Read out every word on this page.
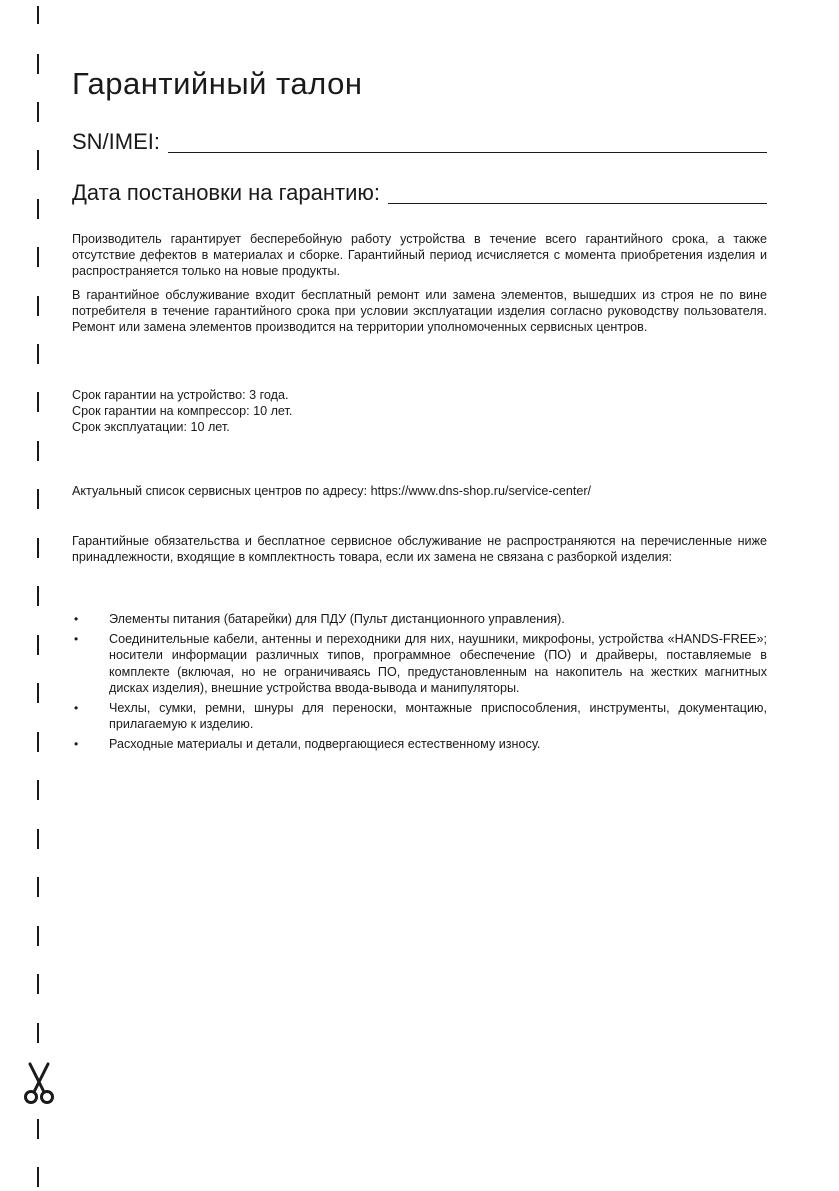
Гарантийный талон
SN/IMEI:
Дата постановки на гарантию:
Производитель гарантирует бесперебойную работу устройства в течение всего гарантийного срока, а также отсутствие дефектов в материалах и сборке. Гарантийный период исчисляется с момента приобретения изделия и распространяется только на новые продукты.
В гарантийное обслуживание входит бесплатный ремонт или замена элементов, вышедших из строя не по вине потребителя в течение гарантийного срока при условии эксплуатации изделия согласно руководству пользователя. Ремонт или замена элементов производится на территории уполномоченных сервисных центров.
Срок гарантии на устройство: 3 года.
Срок гарантии на компрессор: 10 лет.
Срок эксплуатации: 10 лет.
Актуальный список сервисных центров по адресу: https://www.dns-shop.ru/service-center/
Гарантийные обязательства и бесплатное сервисное обслуживание не распространяются на перечисленные ниже принадлежности, входящие в комплектность товара, если их замена не связана с разборкой изделия:
• Элементы питания (батарейки) для ПДУ (Пульт дистанционного управления).
• Соединительные кабели, антенны и переходники для них, наушники, микрофоны, устройства «HANDS-FREE»; носители информации различных типов, программное обеспечение (ПО) и драйверы, поставляемые в комплекте (включая, но не ограничиваясь ПО, предустановленным на накопитель на жестких магнитных дисках изделия), внешние устройства ввода-вывода и манипуляторы.
• Чехлы, сумки, ремни, шнуры для переноски, монтажные приспособления, инструменты, документацию, прилагаемую к изделию.
• Расходные материалы и детали, подвергающиеся естественному износу.
